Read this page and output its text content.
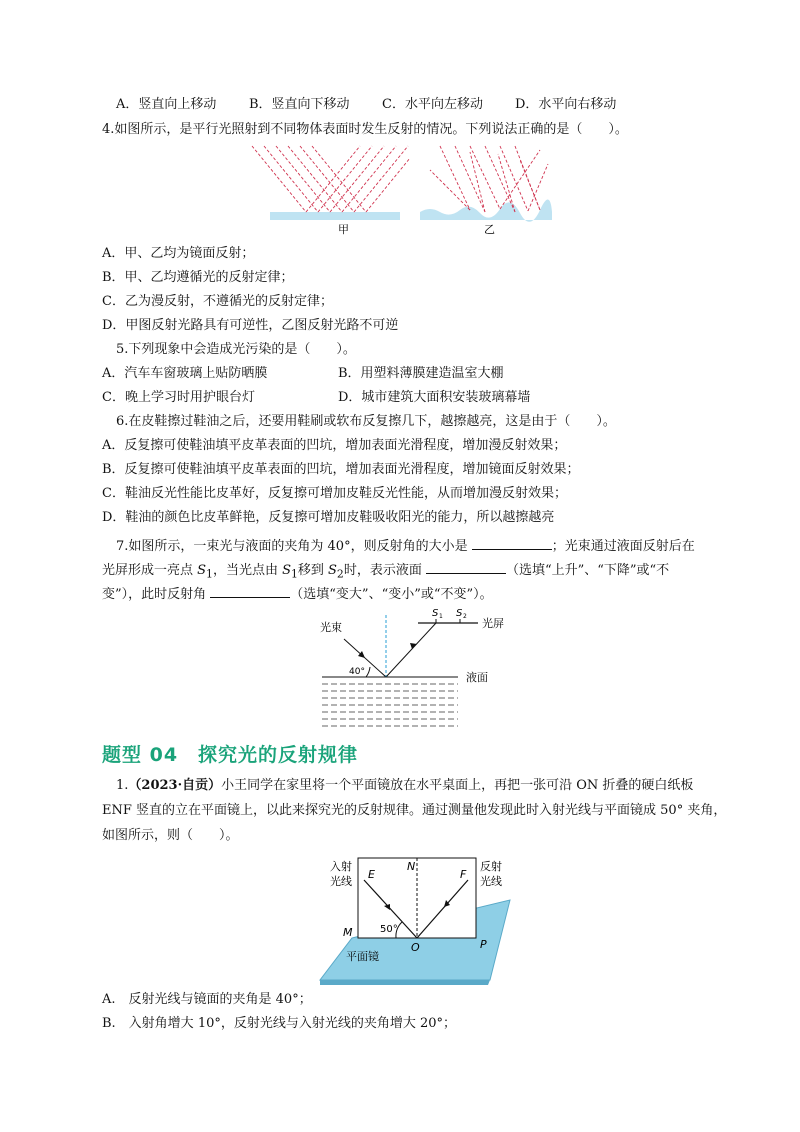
A．竖直向上移动	B．竖直向下移动 C．水平向左移动 D．水平向右移动
4.如图所示，是平行光照射到不同物体表面时发生反射的情况。下列说法正确的是（　　）。
甲	乙
A．甲、乙均为镜面反射；
B．甲、乙均遵循光的反射定律；
C．乙为漫反射，不遵循光的反射定律；
D．甲图反射光路具有可逆性，乙图反射光路不可逆
5.下列现象中会造成光污染的是（　　）。
A．汽车车窗玻璃上贴防晒膜	B．用塑料薄膜建造温室大棚
C．晚上学习时用护眼台灯	D．城市建筑大面积安装玻璃幕墙
6.在皮鞋擦过鞋油之后，还要用鞋刷或软布反复擦几下，越擦越亮，这是由于（　　）。
A．反复擦可使鞋油填平皮革表面的凹坑，增加表面光滑程度，增加漫反射效果；
B．反复擦可使鞋油填平皮革表面的凹坑，增加表面光滑程度，增加镜面反射效果；
C．鞋油反光性能比皮革好，反复擦可增加皮鞋反光性能，从而增加漫反射效果；
D．鞋油的颜色比皮革鲜艳，反复擦可增加皮鞋吸收阳光的能力，所以越擦越亮
7.如图所示，一束光与液面的夹角为 40°，则反射角的大小是	；光束通过液面反射后在
光屏形成一亮点 $S_1$，当光点由 $S_1$移到 $S_2$时，表示液面	（选填“上升”、“下降”或“不
变”），此时反射角	（选填“变大”、“变小”或“不变”）。
光束
S 1 S 2
光屏
40°	液面
题型 04　探究光的反射规律
1.（2023·自贡）小王同学在家里将一个平面镜放在水平桌面上，再把一张可沿 ON 折叠的硬白纸板
ENF 竖直的立在平面镜上，以此来探究光的反射规律。通过测量他发现此时入射光线与平面镜成 50° 夹角，
如图所示，则（　　）。
平面镜
50°
入射
光线
反射
光线
E
N
F
M
O	P
A.　反射光线与镜面的夹角是 40°；
B.　入射角增大 10°，反射光线与入射光线的夹角增大 20°；
